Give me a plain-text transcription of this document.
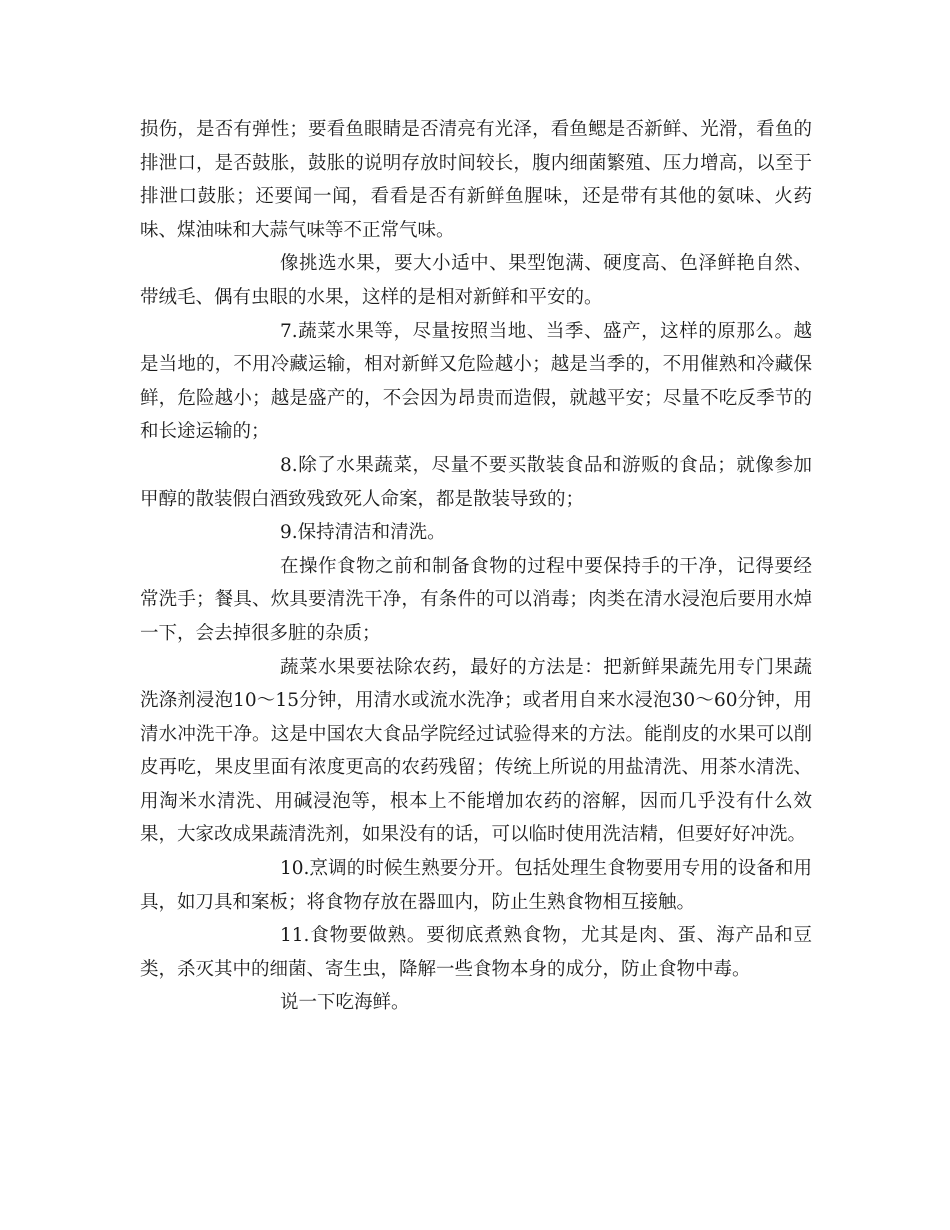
损伤，是否有弹性；要看鱼眼睛是否清亮有光泽，看鱼鳃是否新鲜、光滑，看鱼的排泄口，是否鼓胀，鼓胀的说明存放时间较长，腹内细菌繁殖、压力增高，以至于排泄口鼓胀；还要闻一闻，看看是否有新鲜鱼腥味，还是带有其他的氨味、火药味、煤油味和大蒜气味等不正常气味。

像挑选水果，要大小适中、果型饱满、硬度高、色泽鲜艳自然、带绒毛、偶有虫眼的水果，这样的是相对新鲜和平安的。

7.蔬菜水果等，尽量按照当地、当季、盛产，这样的原那么。越是当地的，不用冷藏运输，相对新鲜又危险越小；越是当季的，不用催熟和冷藏保鲜，危险越小；越是盛产的，不会因为昂贵而造假，就越平安；尽量不吃反季节的和长途运输的；

8.除了水果蔬菜，尽量不要买散装食品和游贩的食品；就像参加甲醇的散装假白酒致残致死人命案，都是散装导致的；

9.保持清洁和清洗。

在操作食物之前和制备食物的过程中要保持手的干净，记得要经常洗手；餐具、炊具要清洗干净，有条件的可以消毒；肉类在清水浸泡后要用水焯一下，会去掉很多脏的杂质；

蔬菜水果要祛除农药，最好的方法是：把新鲜果蔬先用专门果蔬洗涤剂浸泡10～15分钟，用清水或流水洗净；或者用自来水浸泡30～60分钟，用清水冲洗干净。这是中国农大食品学院经过试验得来的方法。能削皮的水果可以削皮再吃，果皮里面有浓度更高的农药残留；传统上所说的用盐清洗、用茶水清洗、用淘米水清洗、用碱浸泡等，根本上不能增加农药的溶解，因而几乎没有什么效果，大家改成果蔬清洗剂，如果没有的话，可以临时使用洗洁精，但要好好冲洗。

10.烹调的时候生熟要分开。包括处理生食物要用专用的设备和用具，如刀具和案板；将食物存放在器皿内，防止生熟食物相互接触。

11.食物要做熟。要彻底煮熟食物，尤其是肉、蛋、海产品和豆类，杀灭其中的细菌、寄生虫，降解一些食物本身的成分，防止食物中毒。

说一下吃海鲜。
